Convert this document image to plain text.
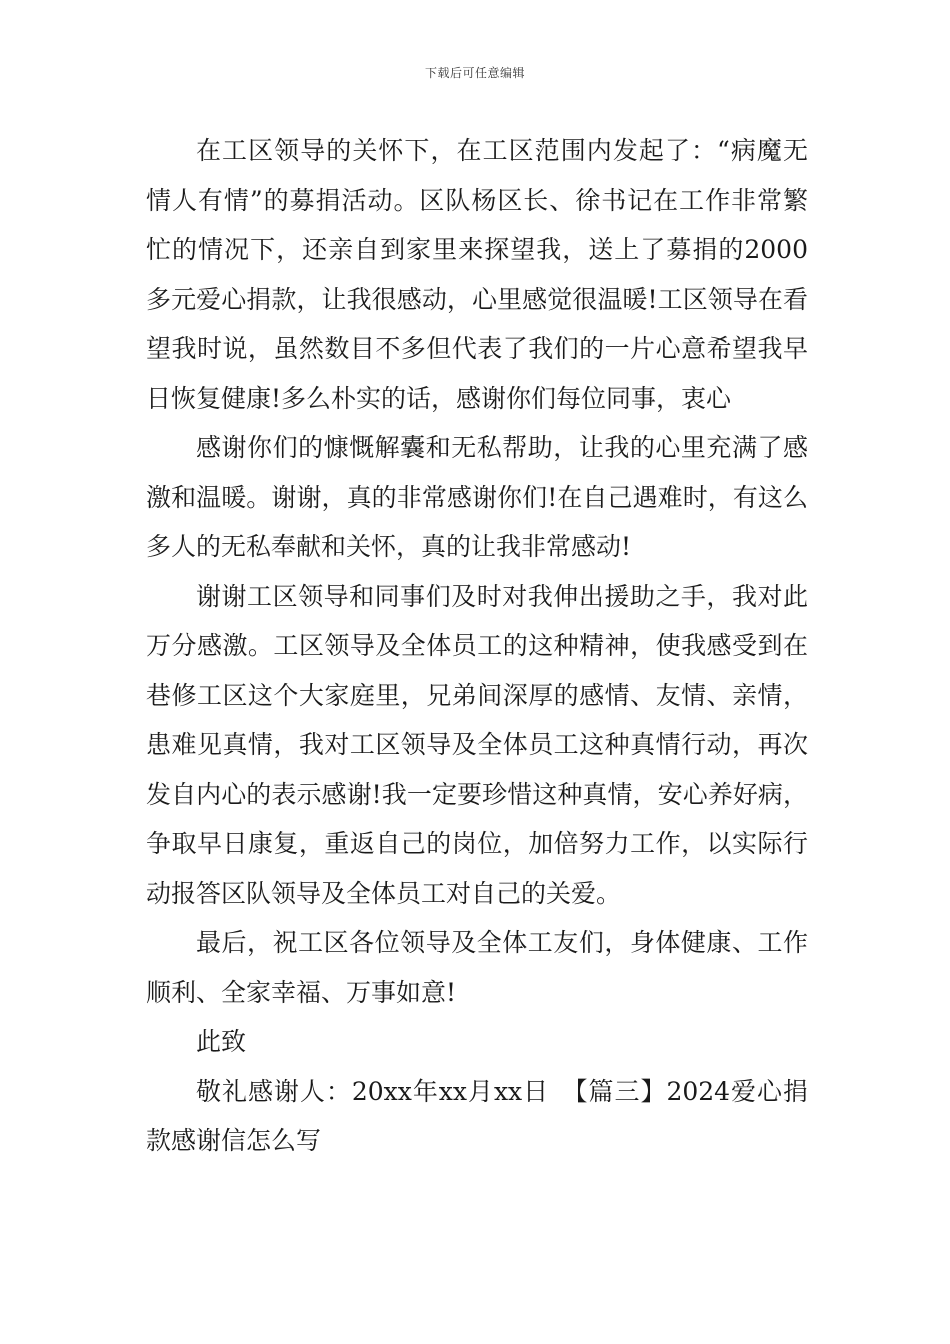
下载后可任意编辑

在工区领导的关怀下，在工区范围内发起了：“病魔无情人有情”的募捐活动。区队杨区长、徐书记在工作非常繁忙的情况下，还亲自到家里来探望我，送上了募捐的2000多元爱心捐款，让我很感动，心里感觉很温暖!工区领导在看望我时说，虽然数目不多但代表了我们的一片心意希望我早日恢复健康!多么朴实的话，感谢你们每位同事，衷心

感谢你们的慷慨解囊和无私帮助，让我的心里充满了感激和温暖。谢谢，真的非常感谢你们!在自己遇难时，有这么多人的无私奉献和关怀，真的让我非常感动!

谢谢工区领导和同事们及时对我伸出援助之手，我对此万分感激。工区领导及全体员工的这种精神，使我感受到在巷修工区这个大家庭里，兄弟间深厚的感情、友情、亲情，患难见真情，我对工区领导及全体员工这种真情行动，再次发自内心的表示感谢!我一定要珍惜这种真情，安心养好病，争取早日康复，重返自己的岗位，加倍努力工作，以实际行动报答区队领导及全体员工对自己的关爱。

最后，祝工区各位领导及全体工友们，身体健康、工作顺利、全家幸福、万事如意!

此致

敬礼感谢人：20xx年xx月xx日　【篇三】2024爱心捐款感谢信怎么写
